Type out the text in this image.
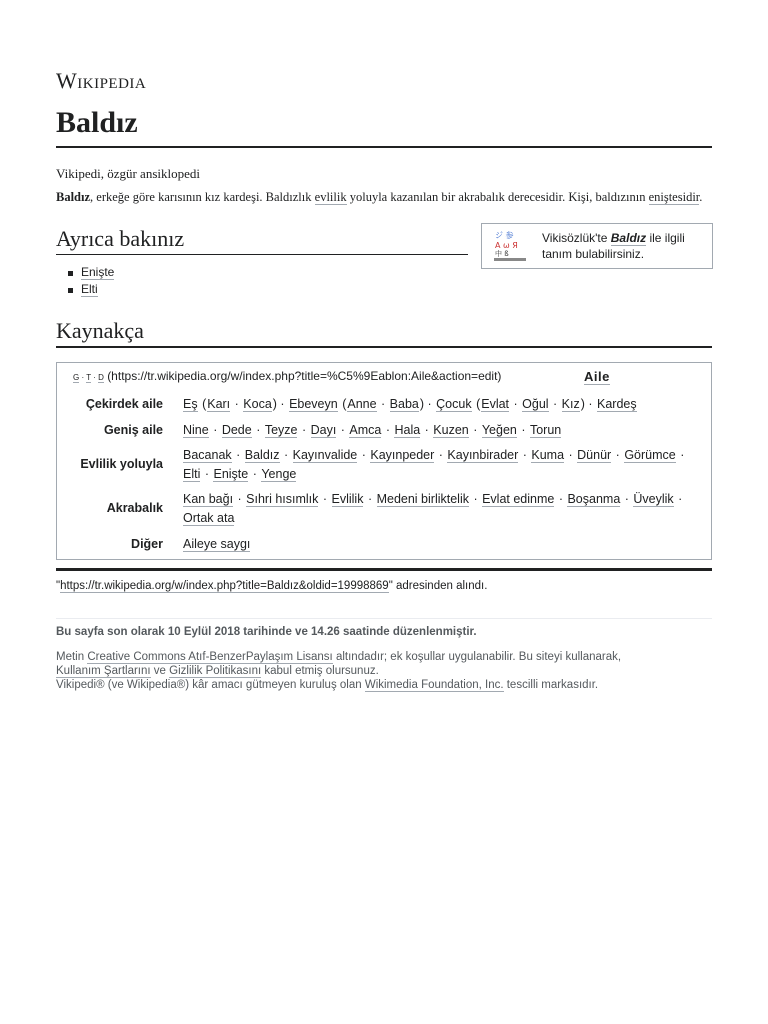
Wikipedia
Baldız
Vikipedi, özgür ansiklopedi
Baldız, erkeğe göre karısının kız kardeşi. Baldızlık evlilik yoluyla kazanılan bir akrabalık derecesidir. Kişi, baldızının eniştesidir.
Ayrıca bakınız	ジ 参
A ω Я
中 ß
Vikisözlük'te Baldız ile ilgili tanım bulabilirsiniz.
Enişte
Elti
Kaynakça
G · T · D (https://tr.wikipedia.org/w/index.php?title=%C5%9Eablon:Aile&action=edit)	Aile
Çekirdek aile Eş (Karı · Koca) · Ebeveyn (Anne · Baba) · Çocuk (Evlat · Oğul · Kız) · Kardeş
Geniş aile Nine · Dede · Teyze · Dayı · Amca · Hala · Kuzen · Yeğen · Torun
Evlilik yoluyla
Bacanak · Baldız · Kayınvalide · Kayınpeder · Kayınbirader · Kuma · Dünür · Görümce · Elti · Enişte · Yenge
Akrabalık
Kan bağı · Sıhri hısımlık · Evlilik · Medeni birliktelik · Evlat edinme · Boşanma · Üveylik · Ortak ata
Diğer Aileye saygı
"https://tr.wikipedia.org/w/index.php?title=Baldız&oldid=19998869" adresinden alındı.
Bu sayfa son olarak 10 Eylül 2018 tarihinde ve 14.26 saatinde düzenlenmiştir.
Metin Creative Commons Atıf-BenzerPaylaşım Lisansı altındadır; ek koşullar uygulanabilir. Bu siteyi kullanarak,
Kullanım Şartlarını ve Gizlilik Politikasını kabul etmiş olursunuz.
Vikipedi® (ve Wikipedia®) kâr amacı gütmeyen kuruluş olan Wikimedia Foundation, Inc. tescilli markasıdır.
